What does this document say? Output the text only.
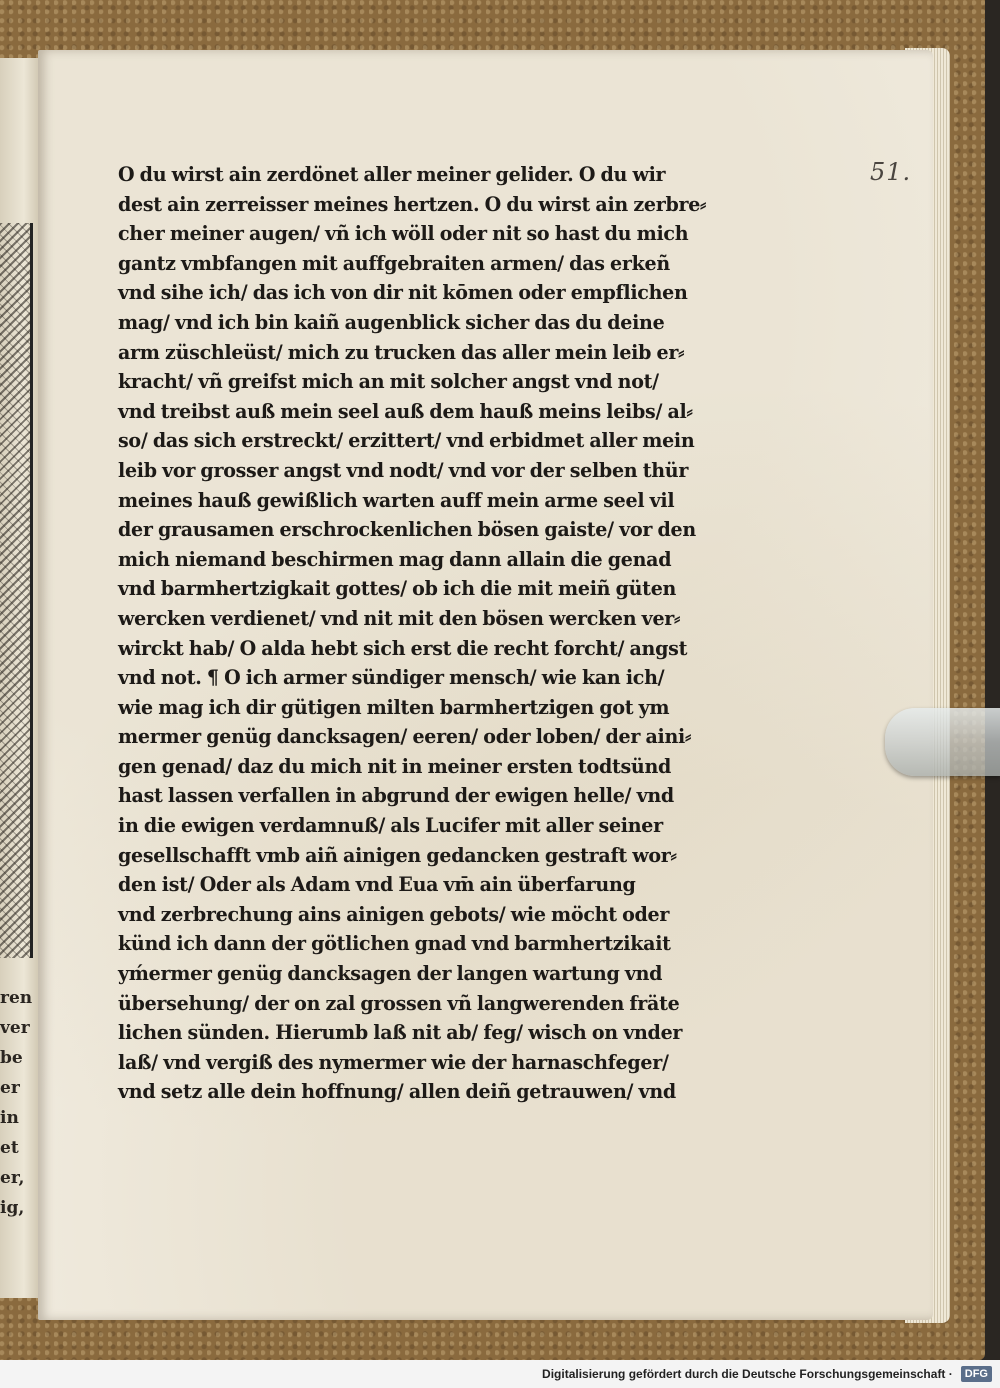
ren
ver
be
er
in
et
er,
ig,
51.
O du wirst ain zerdönet aller meiner gelider. O du wir
dest ain zerreisser meines hertzen. O du wirst ain zerbre⸗
cher meiner augen/ vñ ich wöll oder nit so hast du mich
gantz vmbfangen mit auffgebraiten armen/ das erkeñ
vnd sihe ich/ das ich von dir nit kōmen oder empflichen
mag/ vnd ich bin kaiñ augenblick sicher das du deine
arm züschleüst/ mich zu trucken das aller mein leib er⸗
kracht/ vñ greifst mich an mit solcher angst vnd not/
vnd treibst auß mein seel auß dem hauß meins leibs/ al⸗
so/ das sich erstreckt/ erzittert/ vnd erbidmet aller mein
leib vor grosser angst vnd nodt/ vnd vor der selben thür
meines hauß gewißlich warten auff mein arme seel vil
der grausamen erschrockenlichen bösen gaiste/ vor den
mich niemand beschirmen mag dann allain die genad
vnd barmhertzigkait gottes/ ob ich die mit meiñ güten
wercken verdienet/ vnd nit mit den bösen wercken ver⸗
wirckt hab/ O alda hebt sich erst die recht forcht/ angst
vnd not. ¶ O ich armer sündiger mensch/ wie kan ich/
wie mag ich dir gütigen milten barmhertzigen got ym
mermer genüg dancksagen/ eeren/ oder loben/ der aini⸗
gen genad/ daz du mich nit in meiner ersten todtsünd
hast lassen verfallen in abgrund der ewigen helle/ vnd
in die ewigen verdamnuß/ als Lucifer mit aller seiner
gesellschafft vmb aiñ ainigen gedancken gestraft wor⸗
den ist/ Oder als Adam vnd Eua vm̄ ain überfarung
vnd zerbrechung ains ainigen gebots/ wie möcht oder
künd ich dann der götlichen gnad vnd barmhertzikait
yḿermer genüg dancksagen der langen wartung vnd
übersehung/ der on zal grossen vñ langwerenden fräte
lichen sünden. Hierumb laß nit ab/ feg/ wisch on vnder
laß/ vnd vergiß des nymermer wie der harnaschfeger/
vnd setz alle dein hoffnung/ allen deiñ getrauwen/ vnd
Digitalisierung gefördert durch die Deutsche Forschungsgemeinschaft ·	DFG
